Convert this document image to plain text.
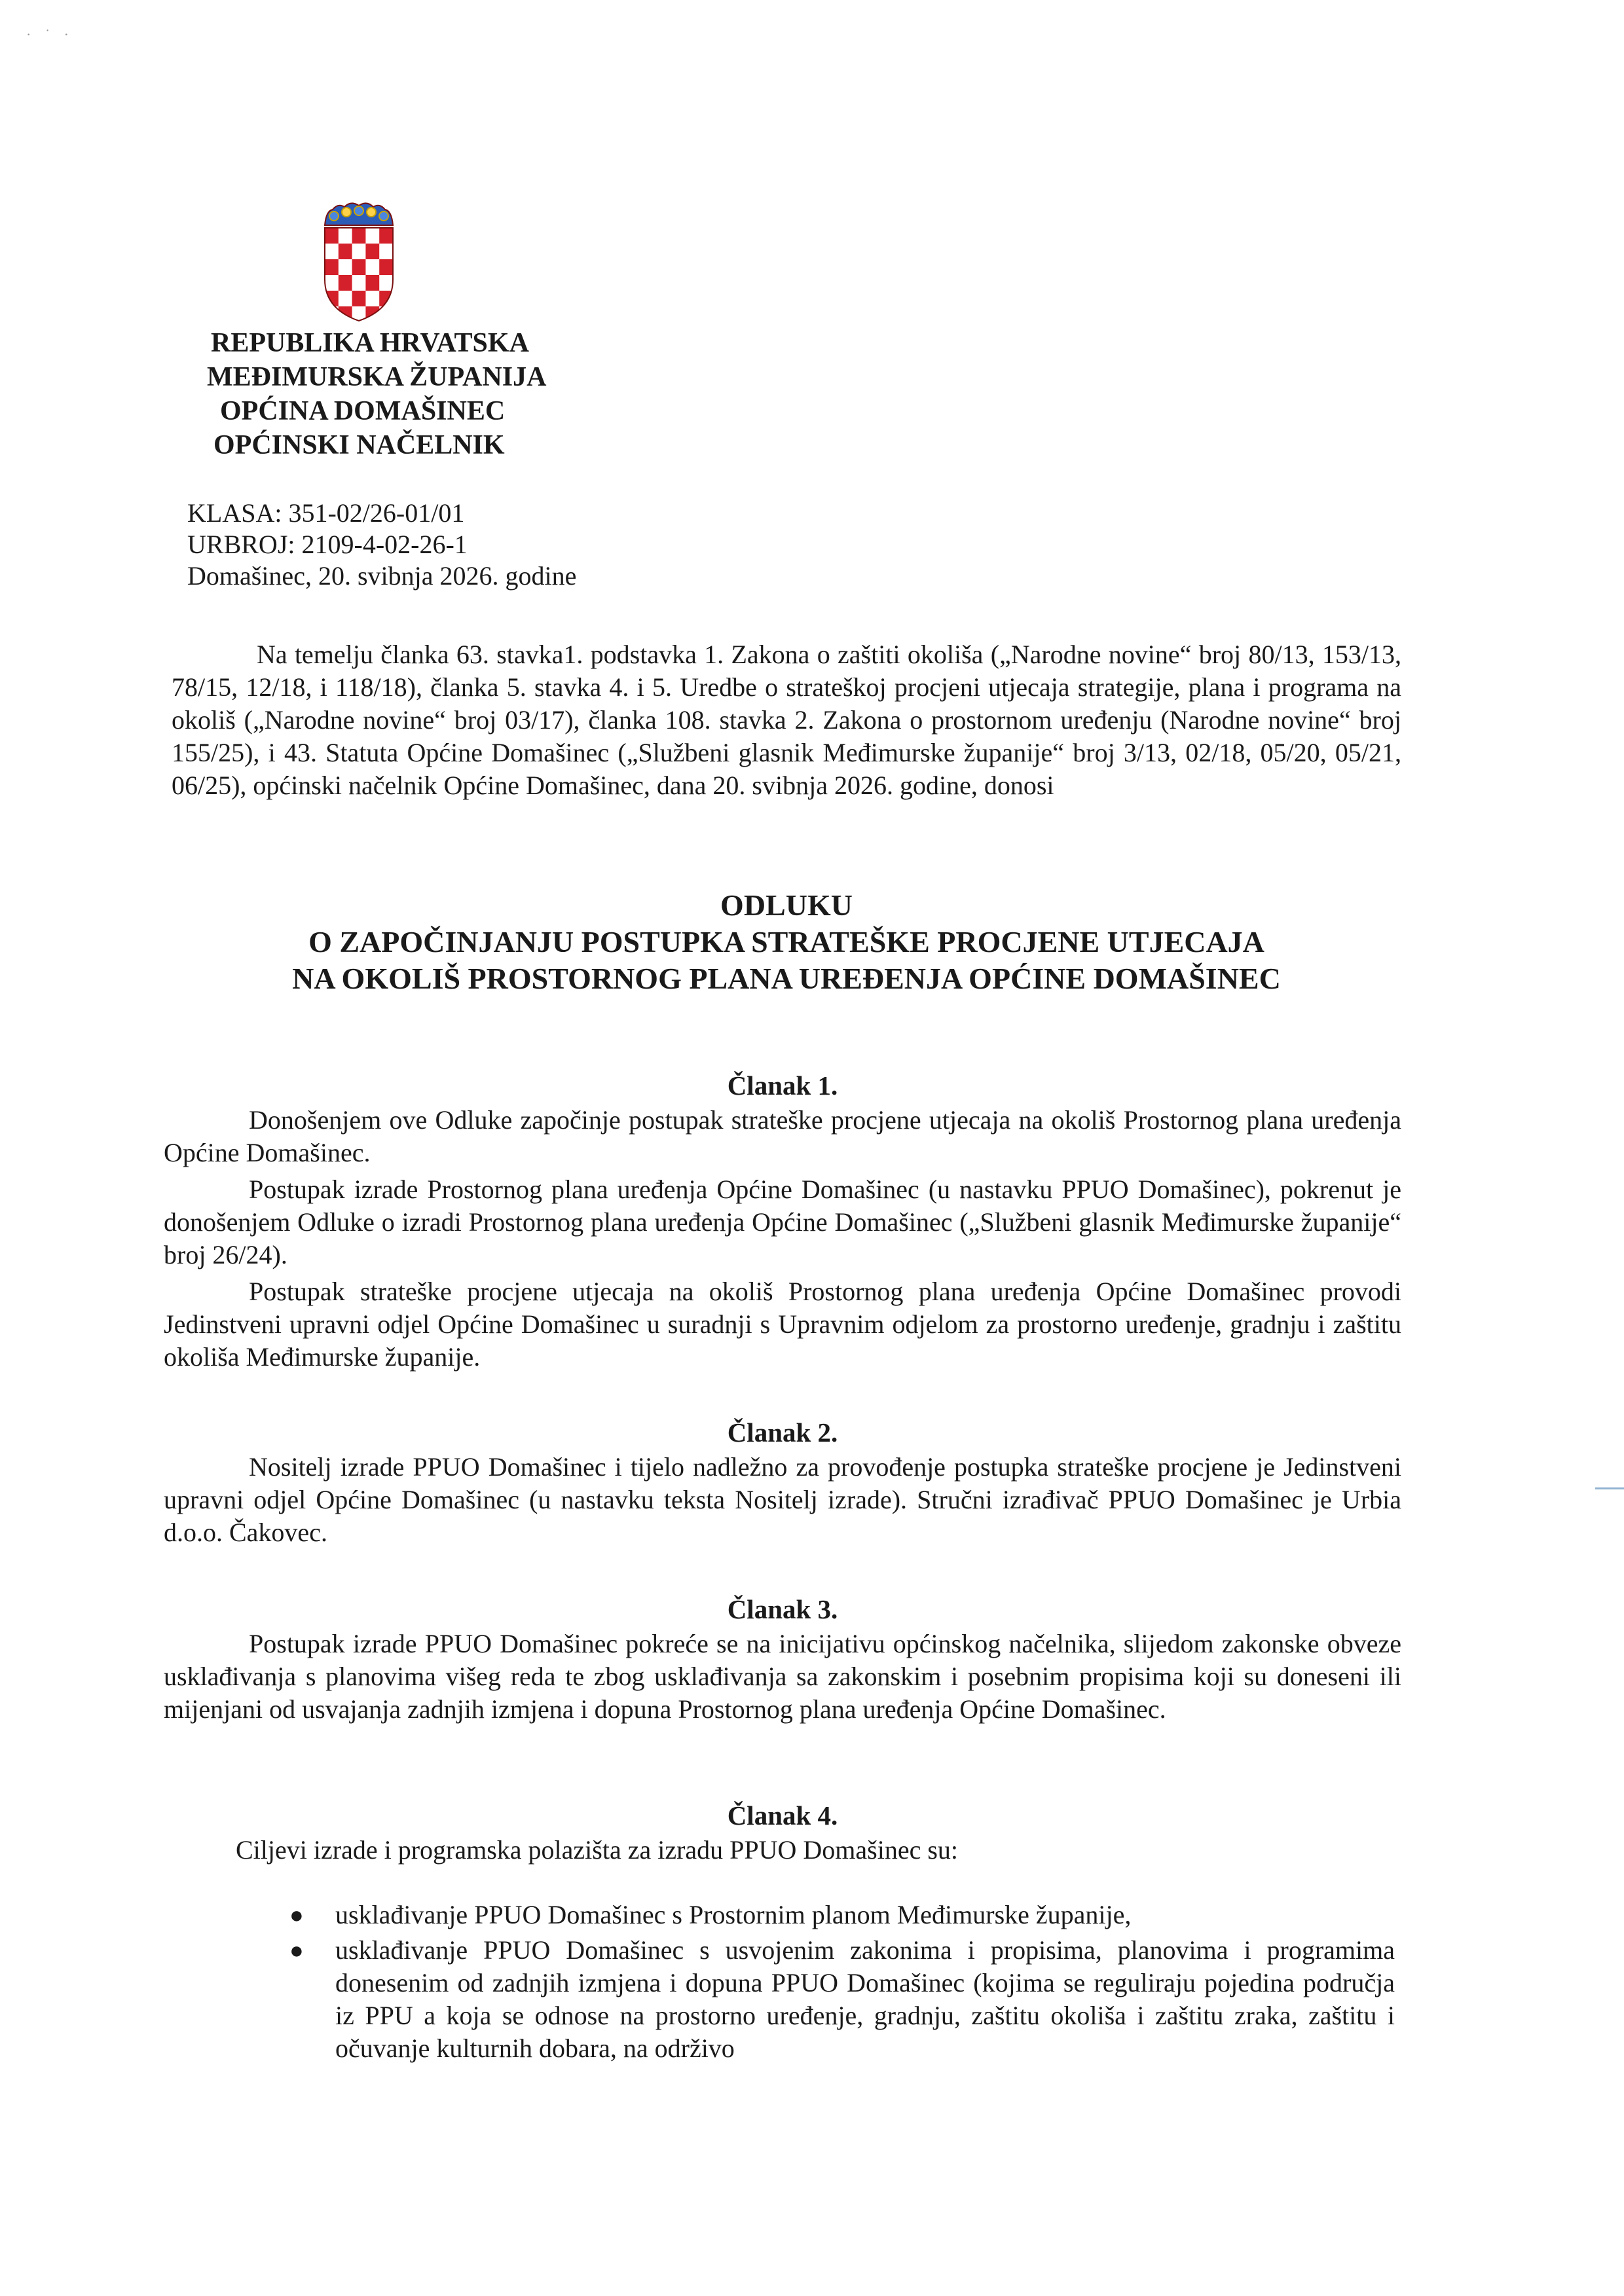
· ˙ ·
REPUBLIKA HRVATSKA
MEĐIMURSKA ŽUPANIJA
OPĆINA DOMAŠINEC
OPĆINSKI NAČELNIK
KLASA: 351-02/26-01/01
URBROJ: 2109-4-02-26-1
Domašinec, 20. svibnja 2026. godine

Na temelju članka 63. stavka1. podstavka 1. Zakona o zaštiti okoliša („Narodne novine“ broj 80/13, 153/13, 78/15, 12/18, i 118/18), članka 5. stavka 4. i 5. Uredbe o strateškoj procjeni utjecaja strategije, plana i programa na okoliš („Narodne novine“ broj 03/17), članka 108. stavka 2. Zakona o prostornom uređenju (Narodne novine“ broj 155/25), i 43. Statuta Općine Domašinec („Službeni glasnik Međimurske županije“ broj 3/13, 02/18, 05/20, 05/21, 06/25), općinski načelnik Općine Domašinec, dana 20. svibnja 2026. godine, donosi

ODLUKU
O ZAPOČINJANJU POSTUPKA STRATEŠKE PROCJENE UTJECAJA
NA OKOLIŠ PROSTORNOG PLANA UREĐENJA OPĆINE DOMAŠINEC
Članak 1.

Donošenjem ove Odluke započinje postupak strateške procjene utjecaja na okoliš Prostornog plana uređenja Općine Domašinec.

Postupak izrade Prostornog plana uređenja Općine Domašinec (u nastavku PPUO Domašinec), pokrenut je donošenjem Odluke o izradi Prostornog plana uređenja Općine Domašinec („Službeni glasnik Međimurske županije“ broj 26/24).

Postupak strateške procjene utjecaja na okoliš Prostornog plana uređenja Općine Domašinec provodi Jedinstveni upravni odjel Općine Domašinec u suradnji s Upravnim odjelom za prostorno uređenje, gradnju i zaštitu okoliša Međimurske županije.

Članak 2.

Nositelj izrade PPUO Domašinec i tijelo nadležno za provođenje postupka strateške procjene je Jedinstveni upravni odjel Općine Domašinec (u nastavku teksta Nositelj izrade). Stručni izrađivač PPUO Domašinec je Urbia d.o.o. Čakovec.

Članak 3.

Postupak izrade PPUO Domašinec pokreće se na inicijativu općinskog načelnika, slijedom zakonske obveze usklađivanja s planovima višeg reda te zbog usklađivanja sa zakonskim i posebnim propisima koji su doneseni ili mijenjani od usvajanja zadnjih izmjena i dopuna Prostornog plana uređenja Općine Domašinec.

Članak 4.

Ciljevi izrade i programska polazišta za izradu PPUO Domašinec su:

● usklađivanje PPUO Domašinec s Prostornim planom Međimurske županije,
● usklađivanje PPUO Domašinec s usvojenim zakonima i propisima, planovima i programima donesenim od zadnjih izmjena i dopuna PPUO Domašinec (kojima se reguliraju pojedina područja iz PPU a koja se odnose na prostorno uređenje, gradnju, zaštitu okoliša i zaštitu zraka, zaštitu i očuvanje kulturnih dobara, na održivo
